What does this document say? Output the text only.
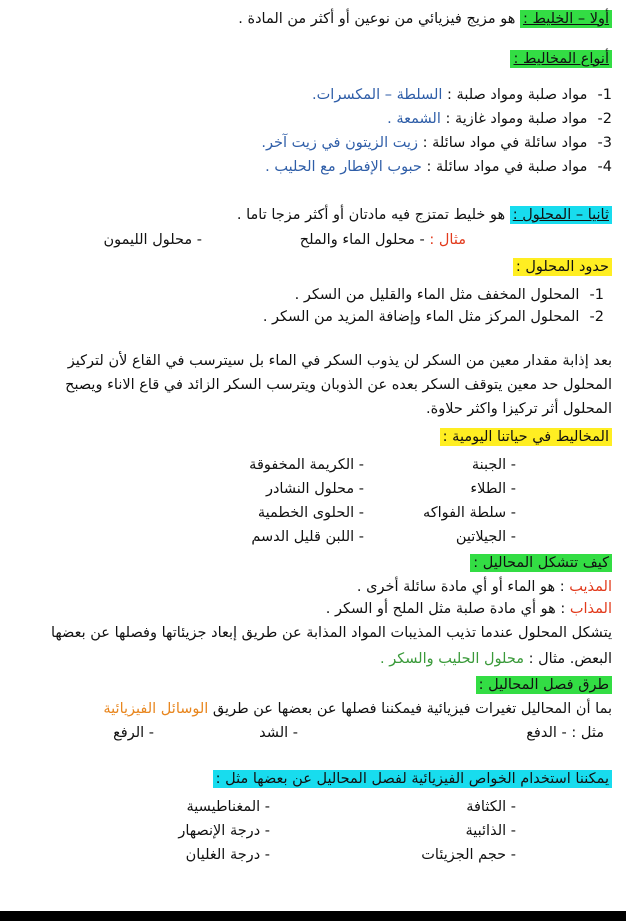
أولا – الخليط : هو مزيج فيزيائي من نوعين أو أكثر من المادة .
أنواع المخاليط :
1- مواد صلبة ومواد صلبة : السلطة – المكسرات.
2- مواد صلبة ومواد غازية : الشمعة .
3- مواد سائلة في مواد سائلة : زيت الزيتون في زيت آخر.
4- مواد صلبة في مواد سائلة : حبوب الإفطار مع الحليب .
ثانيا – المحلول : هو خليط تمتزج فيه مادتان أو أكثر مزجا تاما .
مثال : - محلول الماء والملح
- محلول الليمون
حدود المحلول :
1- المحلول المخفف مثل الماء والقليل من السكر .
2- المحلول المركز مثل الماء وإضافة المزيد من السكر .
بعد إذابة مقدار معين من السكر لن يذوب السكر في الماء بل سيترسب في القاع لأن لتركيز
المحلول حد معين يتوقف السكر بعده عن الذوبان ويترسب السكر الزائد في قاع الاناء ويصبح
المحلول أثر تركيزا واكثر حلاوة.
المخاليط في حياتنا اليومية :
- الجبنة
- الطلاء
- سلطة الفواكه
- الجيلاتين
- الكريمة المخفوقة
- محلول النشادر
- الحلوى الخطمية
- اللبن قليل الدسم
كيف تتشكل المحاليل :
المذيب : هو الماء أو أي مادة سائلة أخرى .
المذاب : هو أي مادة صلبة مثل الملح أو السكر .
يتشكل المحلول عندما تذيب المذيبات المواد المذابة عن طريق إبعاد جزيئاتها وفصلها عن بعضها
البعض. مثال : محلول الحليب والسكر .
طرق فصل المحاليل :
بما أن المحاليل تغيرات فيزيائية فيمكننا فصلها عن بعضها عن طريق الوسائل الفيزيائية
مثل : - الدفع
- الشد
- الرفع
يمكننا استخدام الخواص الفيزيائية لفصل المحاليل عن بعضها مثل :
- الكثافة
- الذائبية
- حجم الجزيئات
- المغناطيسية
- درجة الإنصهار
- درجة الغليان
